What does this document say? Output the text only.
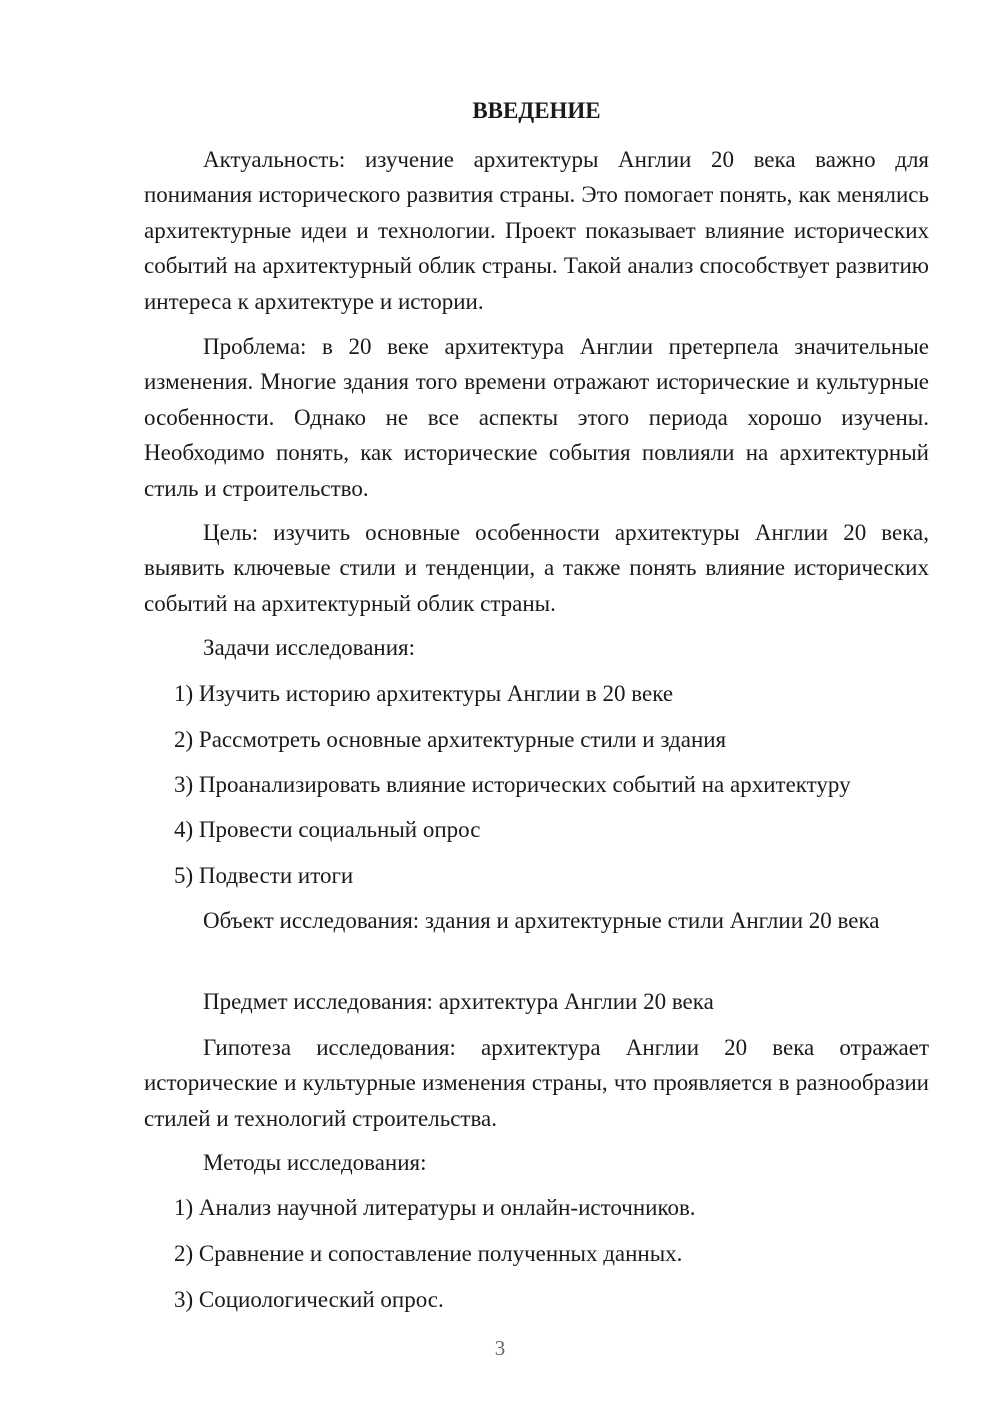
ВВЕДЕНИЕ

Актуальность: изучение архитектуры Англии 20 века важно для понимания исторического развития страны. Это помогает понять, как менялись архитектурные идеи и технологии. Проект показывает влияние исторических событий на архитектурный облик страны. Такой анализ способствует развитию интереса к архитектуре и истории.

Проблема: в 20 веке архитектура Англии претерпела значительные изменения. Многие здания того времени отражают исторические и культурные особенности. Однако не все аспекты этого периода хорошо изучены. Необходимо понять, как исторические события повлияли на архитектурный стиль и строительство.

Цель: изучить основные особенности архитектуры Англии 20 века, выявить ключевые стили и тенденции, а также понять влияние исторических событий на архитектурный облик страны.

Задачи исследования:

1) Изучить историю архитектуры Англии в 20 веке

2) Рассмотреть основные архитектурные стили и здания

3) Проанализировать влияние исторических событий на архитектуру

4) Провести социальный опрос

5) Подвести итоги

Объект исследования: здания и архитектурные стили Англии 20 века

Предмет исследования: архитектура Англии 20 века

Гипотеза исследования: архитектура Англии 20 века отражает исторические и культурные изменения страны, что проявляется в разнообразии стилей и технологий строительства.

Методы исследования:

1) Анализ научной литературы и онлайн-источников.

2) Сравнение и сопоставление полученных данных.

3) Социологический опрос.

3
